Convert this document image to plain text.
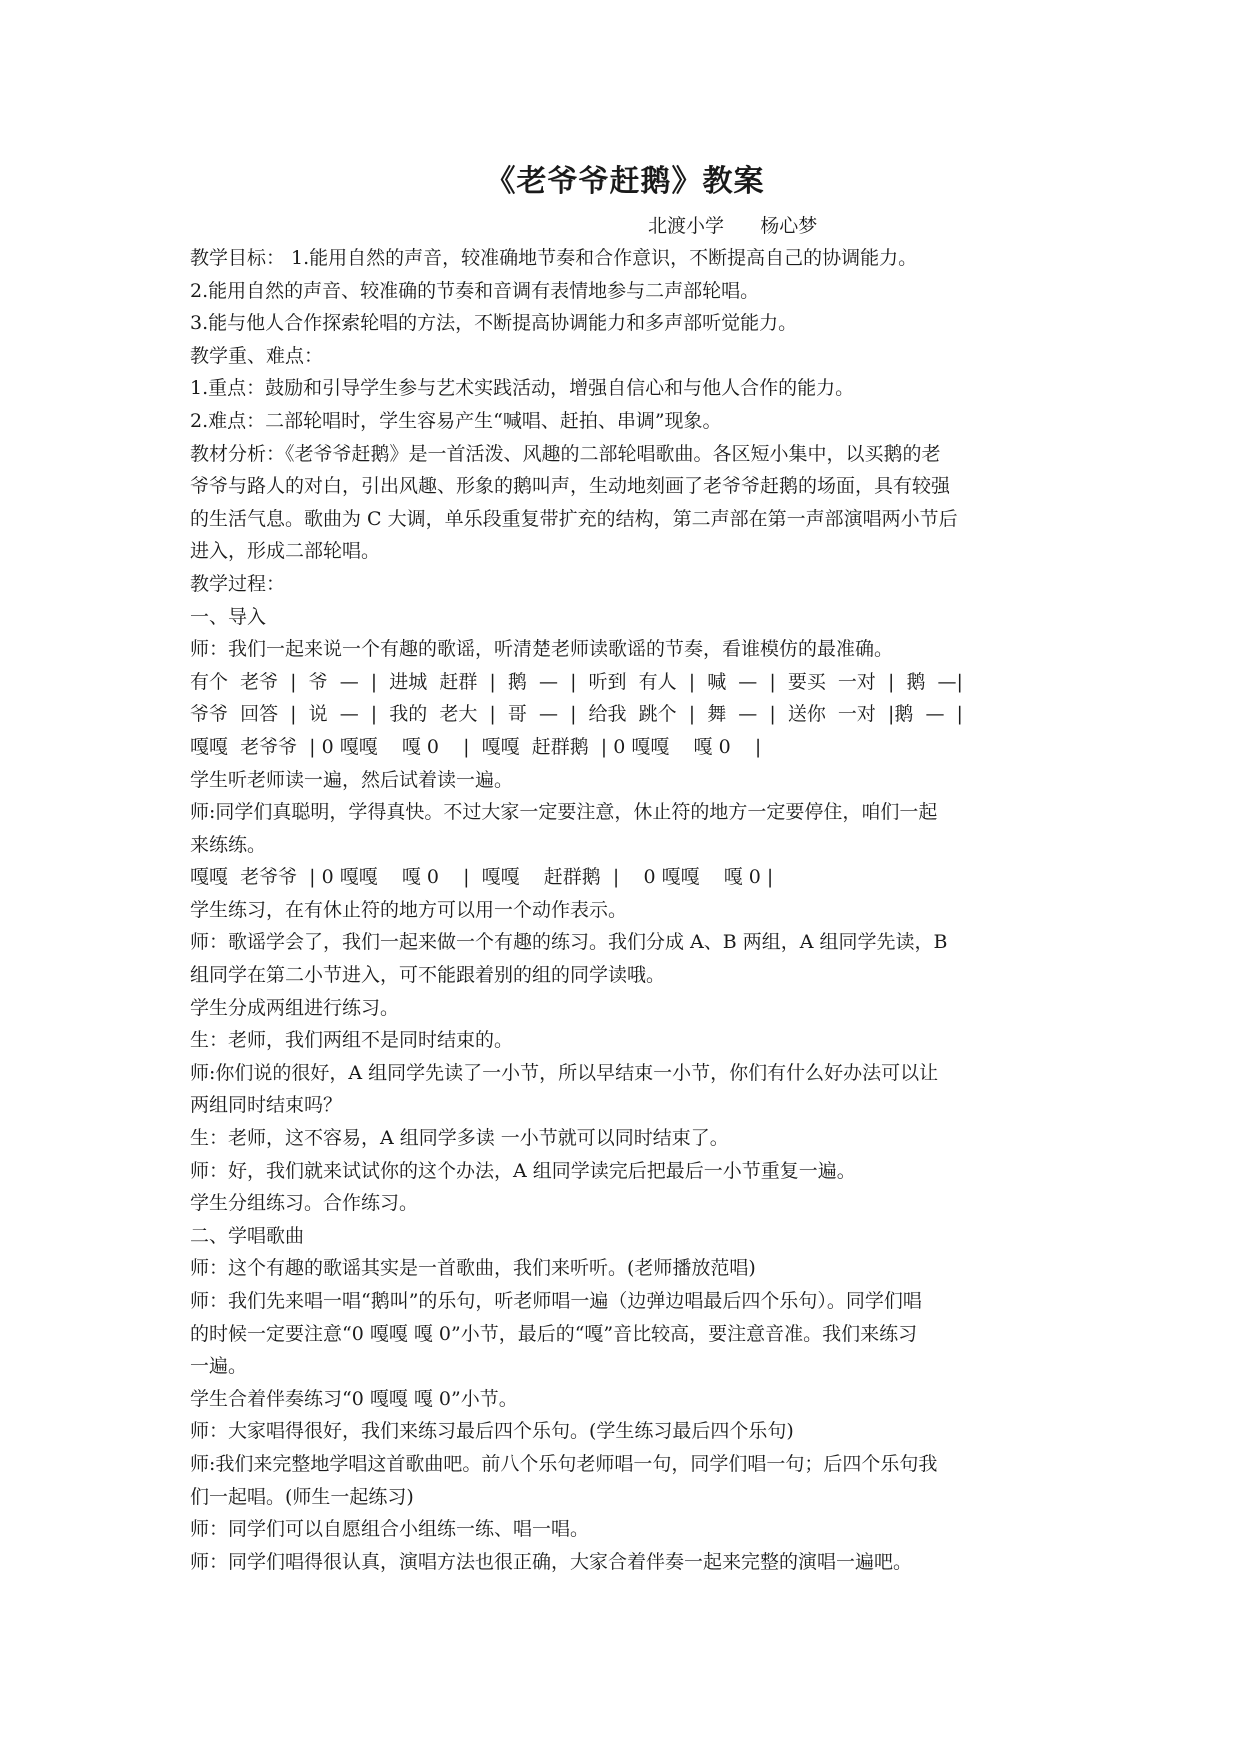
《老爷爷赶鹅》教案

北渡小学      杨心梦

教学目标： 1.能用自然的声音，较准确地节奏和合作意识，不断提高自己的协调能力。
2.能用自然的声音、较准确的节奏和音调有表情地参与二声部轮唱。
3.能与他人合作探索轮唱的方法，不断提高协调能力和多声部听觉能力。
教学重、难点：
1.重点：鼓励和引导学生参与艺术实践活动，增强自信心和与他人合作的能力。
2.难点：二部轮唱时，学生容易产生“喊唱、赶拍、串调”现象。
教材分析：《老爷爷赶鹅》是一首活泼、风趣的二部轮唱歌曲。各区短小集中，以买鹅的老
爷爷与路人的对白，引出风趣、形象的鹅叫声，生动地刻画了老爷爷赶鹅的场面，具有较强
的生活气息。歌曲为 C 大调，单乐段重复带扩充的结构，第二声部在第一声部演唱两小节后
进入，形成二部轮唱。
教学过程：
一、导入
师：我们一起来说一个有趣的歌谣，听清楚老师读歌谣的节奏，看谁模仿的最准确。
有个  老爷  |  爷  —  |  进城  赶群  |  鹅  —  |  听到  有人  |  喊  —  |  要买  一对  |  鹅  —|
爷爷  回答  |  说  —  |  我的  老大  |  哥  —  |  给我  跳个  |  舞  —  |  送你  一对  |鹅  —  |
嘎嘎  老爷爷  | 0 嘎嘎    嘎 0    |  嘎嘎  赶群鹅  | 0 嘎嘎    嘎 0    |
学生听老师读一遍，然后试着读一遍。
师:同学们真聪明，学得真快。不过大家一定要注意，休止符的地方一定要停住，咱们一起
来练练。
嘎嘎  老爷爷  | 0 嘎嘎    嘎 0    |  嘎嘎    赶群鹅  |    0 嘎嘎    嘎 0 |
学生练习，在有休止符的地方可以用一个动作表示。
师：歌谣学会了，我们一起来做一个有趣的练习。我们分成 A、B 两组，A 组同学先读，B
组同学在第二小节进入，可不能跟着别的组的同学读哦。
学生分成两组进行练习。
生：老师，我们两组不是同时结束的。
师:你们说的很好，A 组同学先读了一小节，所以早结束一小节，你们有什么好办法可以让
两组同时结束吗？
生：老师，这不容易，A 组同学多读 一小节就可以同时结束了。
师：好，我们就来试试你的这个办法，A 组同学读完后把最后一小节重复一遍。
学生分组练习。合作练习。
二、学唱歌曲
师：这个有趣的歌谣其实是一首歌曲，我们来听听。(老师播放范唱)
师：我们先来唱一唱“鹅叫”的乐句，听老师唱一遍（边弹边唱最后四个乐句）。同学们唱
的时候一定要注意“0 嘎嘎 嘎 0”小节，最后的“嘎”音比较高，要注意音准。我们来练习
一遍。
学生合着伴奏练习“0 嘎嘎 嘎 0”小节。
师：大家唱得很好，我们来练习最后四个乐句。(学生练习最后四个乐句)
师:我们来完整地学唱这首歌曲吧。前八个乐句老师唱一句，同学们唱一句；后四个乐句我
们一起唱。(师生一起练习)
师：同学们可以自愿组合小组练一练、唱一唱。
师：同学们唱得很认真，演唱方法也很正确，大家合着伴奏一起来完整的演唱一遍吧。
